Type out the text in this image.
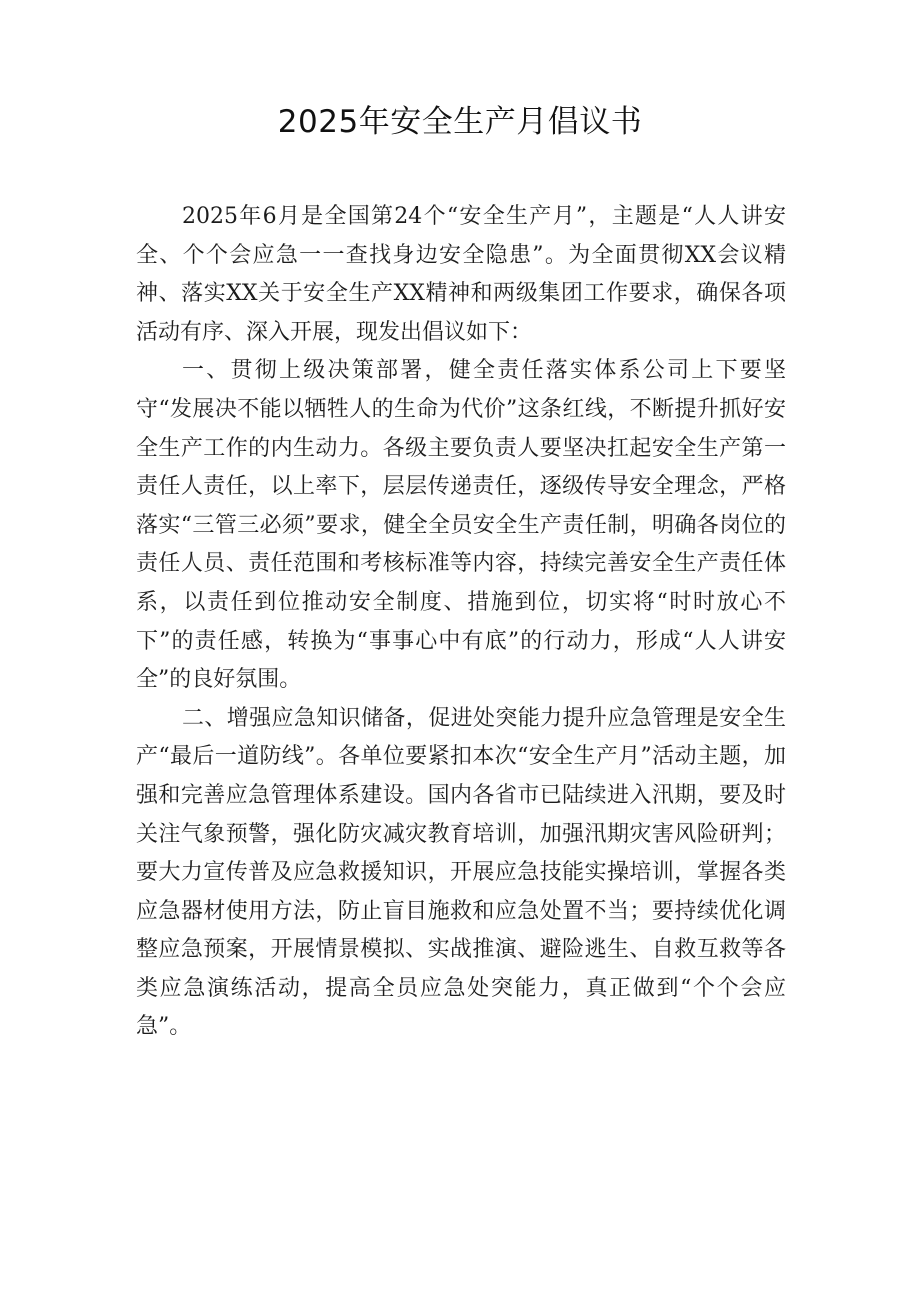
2025年安全生产月倡议书

2025年6月是全国第24个“安全生产月”，主题是“人人讲安全、个个会应急一一查找身边安全隐患”。为全面贯彻XX会议精神、落实XX关于安全生产XX精神和两级集团工作要求，确保各项活动有序、深入开展，现发出倡议如下：

一、贯彻上级决策部署，健全责任落实体系公司上下要坚守“发展决不能以牺牲人的生命为代价”这条红线，不断提升抓好安全生产工作的内生动力。各级主要负责人要坚决扛起安全生产第一责任人责任，以上率下，层层传递责任，逐级传导安全理念，严格落实“三管三必须”要求，健全全员安全生产责任制，明确各岗位的责任人员、责任范围和考核标准等内容，持续完善安全生产责任体系，以责任到位推动安全制度、措施到位，切实将“时时放心不下”的责任感，转换为“事事心中有底”的行动力，形成“人人讲安全”的良好氛围。

二、增强应急知识储备，促进处突能力提升应急管理是安全生产“最后一道防线”。各单位要紧扣本次“安全生产月”活动主题，加强和完善应急管理体系建设。国内各省市已陆续进入汛期，要及时关注气象预警，强化防灾减灾教育培训，加强汛期灾害风险研判；要大力宣传普及应急救援知识，开展应急技能实操培训，掌握各类应急器材使用方法，防止盲目施救和应急处置不当；要持续优化调整应急预案，开展情景模拟、实战推演、避险逃生、自救互救等各类应急演练活动，提高全员应急处突能力，真正做到“个个会应急”。
